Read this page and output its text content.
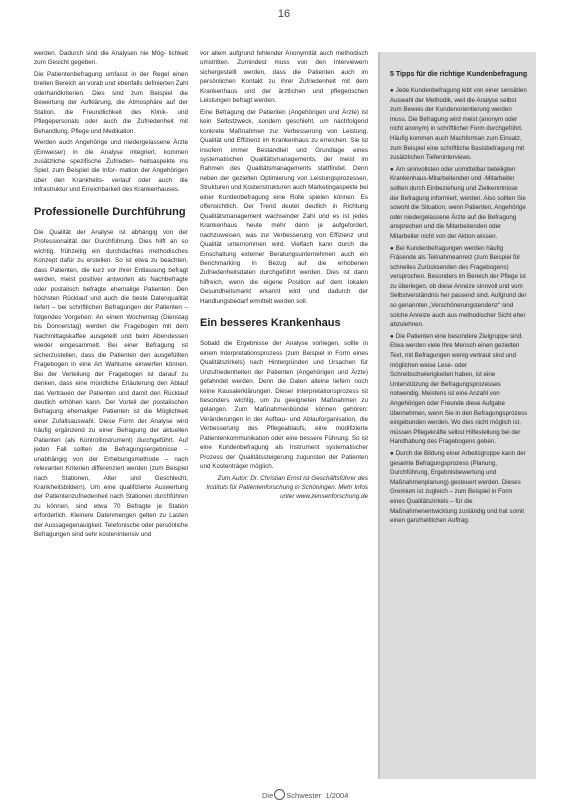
16

werden. Dadurch sind die Analysen nie Mög- lichkeit zum Gesicht gegeben.

Die Patientenbefragung umfasst in der Regel einen breiten Bereich an vorab und ebenfalls definierten Zahl oderhandkriterien. Dies sind zum Beispiel die Bewertung der Aufklärung, die Atmosphäre auf der Station, die Freundlichkeit des Klinik- und Pflegepersonals oder auch die Zufriedenheit mit Behandlung, Pflege und Medikation.

Werden auch Angehörige und niedergelassene Ärzte (Einweiser) in die Analyse integriert, kommen zusätzliche spezifische Zufrieden- heitsaspekte ins Spiel: zum Beispiel die Infor- mation der Angehörigen über den Krankheits- verlauf oder auch die Infrastruktur und Erreichbarkeit des Krankenhauses.

Professionelle Durchführung

Die Qualität der Analyse ist abhängig von der Professionalität der Durchführung. Dies hilft an so wichtig, frühzeitig ein durchdachtes methodisches Konzept dafür zu erstellen. So ist etwa zu beachten, dass Patienten, die kurz vor ihrer Entlassung befragt werden, meist positiver antworten als Nachbefragte oder postalisch befragte ehemalige Patienten. Den höchsten Rücklauf und auch die beste Datenqualität liefert – bei schriftlichen Befragungen der Patienten – folgendes Vorgehen: An einem Wochentag (Dienstag bis Donnerstag) werden die Fragebogen mit dem Nachmittagskaffee ausgeteilt und beim Abendessen wieder eingesammelt. Bei einer Befragung ist sicherzustellen, dass die Patienten den ausgefüllten Fragebogen in eine Art Wahlurne einwerfen können. Bei der Verteilung der Fragebogen ist darauf zu denken, dass eine mündliche Erläuterung den Ablauf das Vertrauen der Patienten und damit den Rücklauf deutlich erhöhen kann. Der Vorteil der postalischen Befragung ehemaliger Patienten ist die Möglichkeit einer Zufallsauswahl. Diese Form der Analyse wird häufig ergänzend zu einer Befragung der aktuellen Patienten (als Kontrollinstrument) durchgeführt. Auf jeden Fall sollten die Befragungsergebnisse – unabhängig von der Erhebungsmethode – nach relevanten Kriterien differenziert werden (zum Beispiel nach Stationen, Alter und Geschlecht, Krankheitsbildern). Um eine qualifizierte Auswertung der Patientenzufriedenheit nach Stationen durchführen zu können, sind etwa 70 Befragte je Station erforderlich. Kleinere Datenmengen gelten zu Lasten der Aussagegenauigkeit. Telefonische oder persönliche Befragungen sind sehr kostenintensiv und

vor allem aufgrund fehlender Anonymität auch methodisch umstritten. Zumindest muss von den Interviewern sichergestellt werden, dass die Patienten auch im persönlichen Kontakt zu ihrer Zufriedenheit mit dem Krankenhaus und der ärztlichen und pflegerischen Leistungen befragt werden.

Eine Befragung der Patienten (Angehörigen und Ärzte) ist kein Selbstzweck, sondern geschieht, um nachfolgend konkrete Maßnahmen zur Verbesserung von Leistung, Qualität und Effizienz im Krankenhaus zu erreichen. Sie ist insofern immer Bestandteil und Grundlage eines systematischen Qualitätsmanagements, der meist im Rahmen des Qualitätsmanagements stattfindet. Denn neben der gezielten Optimierung von Leistungsprozessen, Strukturen und Kostenstrukturen auch Marketingaspekte bei einer Kundenbefragung eine Rolle spielen können. Es offensichtlich. Der Trend deutet deutlich in Richtung Qualitätsmanagement wachsender Zahl und es ist jedes Krankenhaus heute mehr denn je aufgefordert, nachzuweisen, was zur Verbesserung von Effizienz und Qualität unternommen wird. Vielfach kann durch die Einschaltung externer Beratungsunternehmen auch ein Benchmarking in Bezug auf die erhobenen Zufriedenheitsdaten durchgeführt werden. Dies ist dann hilfreich, wenn die eigene Position auf dem lokalen Gesundheitsmarkt erkannt wird und dadurch der Handlungsbedarf ermittelt werden soll.

Ein besseres Krankenhaus

Sobald die Ergebnisse der Analyse vorliegen, sollte in einem Interpretationsprozess (zum Beispiel in Form eines Qualitätszirkels) nach Hintergründen und Ursachen für Unzufriedenheiten der Patienten (Angehörigen und Ärzte) gefahndet werden. Denn die Daten alleine liefern noch keine Kausalerklärungen. Dieser Interpretationsprozess ist besonders wichtig, um zu geeigneten Maßnahmen zu gelangen. Zum Maßnahmenbündel können gehören: Veränderungen in der Aufbau- und Ablauforganisation, die Verbesserung des Pflegeablaufs, eine modifizierte Patientenkommunikation oder eine bessere Führung. So ist eine Kundenbefragung als Instrument systematischer Prozess der Qualitätssteigerung zugunsten der Patienten und Kostenträger möglich.

Zum Autor: Dr. Christian Ernst ist Geschäftsführer des Instituts für Patientenforschung in Schöningen. Mehr Infos unter www.zensenforschung.de

5 Tipps für die richtige Kundenbefragung

● Jede Kundenbefragung lebt von einer sensiblen Auswahl der Methodik, weil die Analyse selbst zum Beweis der Kundenorientierung werden muss. Die Befragung wird meist (anonym oder nicht anonym) in schriftlicher Form durchgeführt. Häufig kommen auch Machforman zum Einsatz, zum Beispiel eine schriftliche Basisbefragung mit zusätzlichen Tiefeninterviews.

● Am sinnvollsten oder unmittelbar beteiligten Krankenhaus-Mitarbeitenden und -Mitarbeiter sollten durch Einbeziehung und Zielkenntnisse der Befragung informiert, werden. Also sollten Sie sowohl die Situation, wenn Patienten, Angehörige oder niedergelassene Ärzte auf die Befragung ansprechen und die Mitarbeitenden oder Mitarbeiter nicht von der Aktion wissen.

● Bei Kundenbefragungen werden häufig Fräsende als Teilnahmeanreiz (zum Beispiel für schnelles Zurücksenden des Fragebogens) versprochen. Besonders im Bereich der Pflege ist zu überlegen, ob diese Anreize sinnvoll und vom Selbstverständnis her passend sind. Aufgrund der so genannten „Verschönerungstendenz" sind solche Anreize auch aus methodischer Sicht eher abzulehnen.

● Die Patienten eine besondere Zielgruppe sind. Etwa werden viele Ihre Mensch einen gezielten Text, mit Befragungen wenig vertraut sind und möglichen weise Lese- oder Schreibschwierigkeiten haben, ist eine Unterstützung der Befragungsprozesses notwendig. Meistens ist eine Anzahl von Angehörigen oder Freunde diese Aufgabe übernehmen, wenn Sie in den Befragungsprozess eingebunden werden. Wo dies nicht möglich ist, müssen Pflegekräfte selbst Hilfestellung bei der Handhabung des Fragebogens geben.

● Durch die Bildung einer Arbeitsgruppe kann der gesamte Befragungsprozess (Planung, Durchführung, Ergebnisbewertung und Maßnahmenplanung) gesteuert werden. Dieses Gremium ist zugleich – zum Beispiel in Form eines Qualitätszirkels – für die Maßnahmenentwicklung zuständig und hat somit einen ganzheitlichen Auftrag.

Die Schwester 1/2004
